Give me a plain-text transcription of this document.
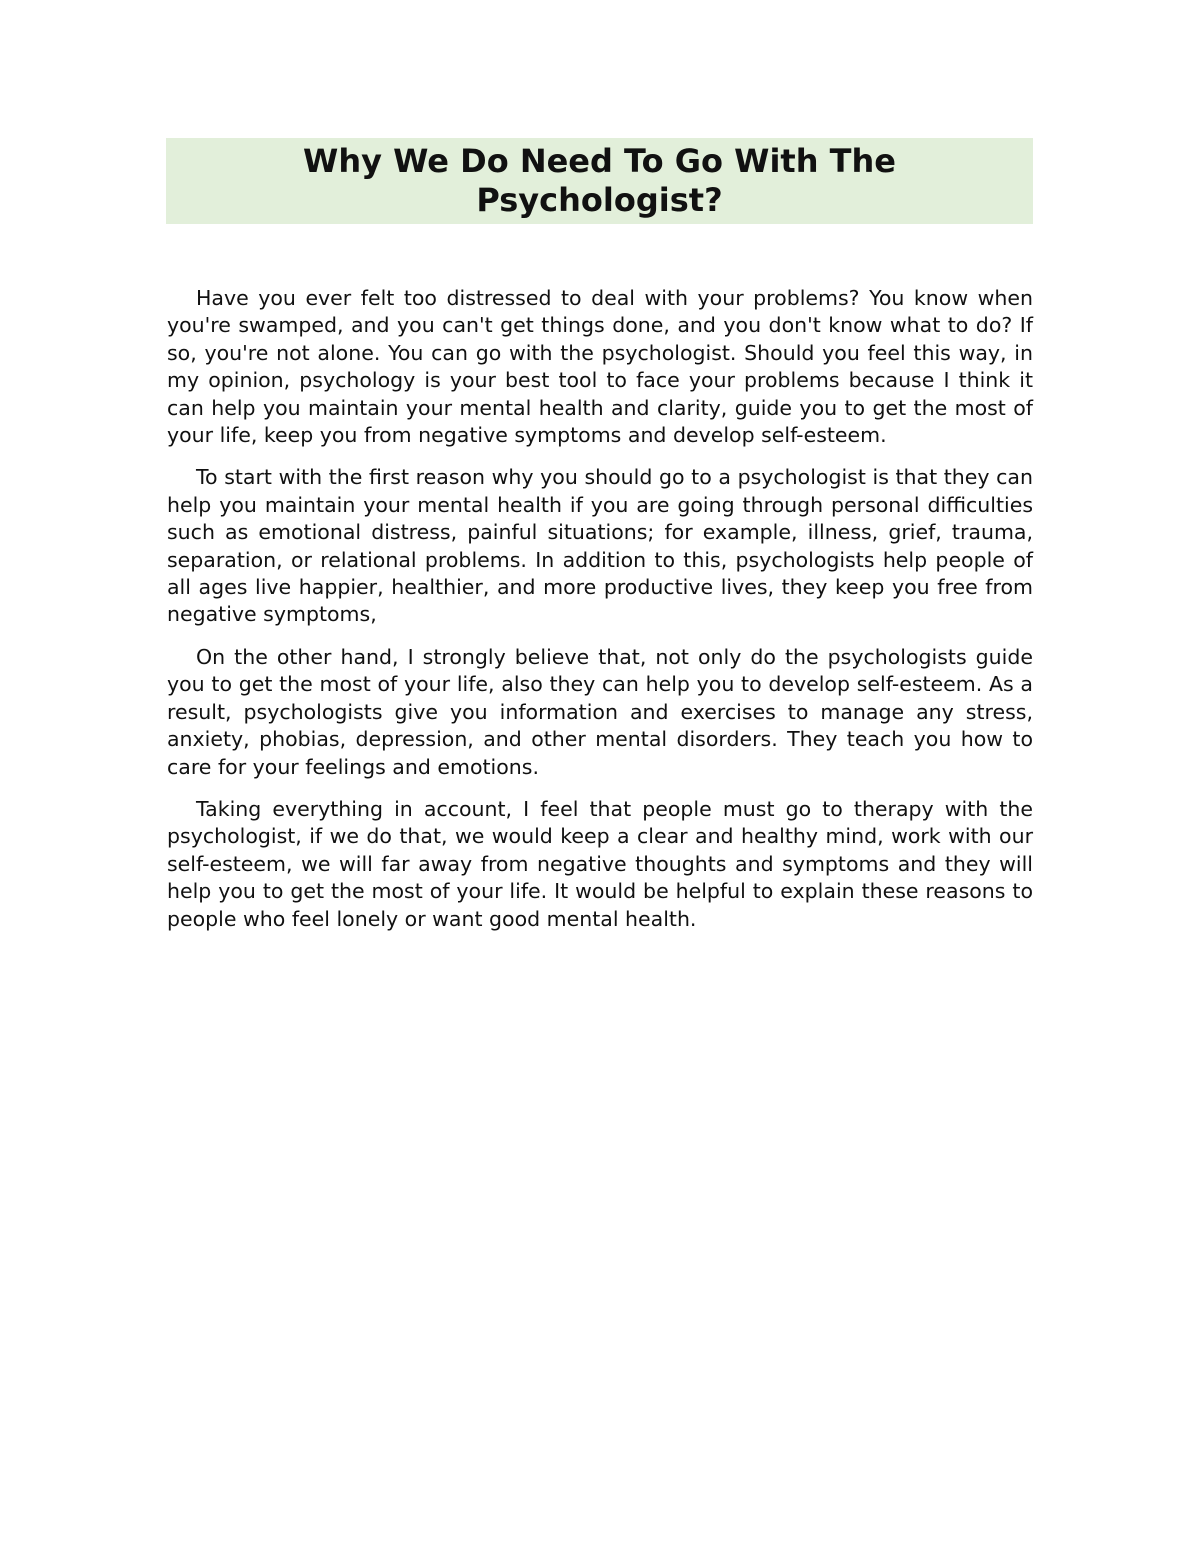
Why We Do Need To Go With The Psychologist?

Have you ever felt too distressed to deal with your problems? You know when you're swamped, and you can't get things done, and you don't know what to do? If so, you're not alone. You can go with the psychologist. Should you feel this way, in my opinion, psychology is your best tool to face your problems because I think it can help you maintain your mental health and clarity, guide you to get the most of your life, keep you from negative symptoms and develop self-esteem.

To start with the first reason why you should go to a psychologist is that they can help you maintain your mental health if you are going through personal difficulties such as emotional distress, painful situations; for example, illness, grief, trauma, separation, or relational problems. In addition to this, psychologists help people of all ages live happier, healthier, and more productive lives, they keep you free from negative symptoms,

On the other hand, I strongly believe that, not only do the psychologists guide you to get the most of your life, also they can help you to develop self-esteem. As a result, psychologists give you information and exercises to manage any stress, anxiety, phobias, depression, and other mental disorders. They teach you how to care for your feelings and emotions.

Taking everything in account, I feel that people must go to therapy with the psychologist, if we do that, we would keep a clear and healthy mind, work with our self-esteem, we will far away from negative thoughts and symptoms and they will help you to get the most of your life. It would be helpful to explain these reasons to people who feel lonely or want good mental health.
